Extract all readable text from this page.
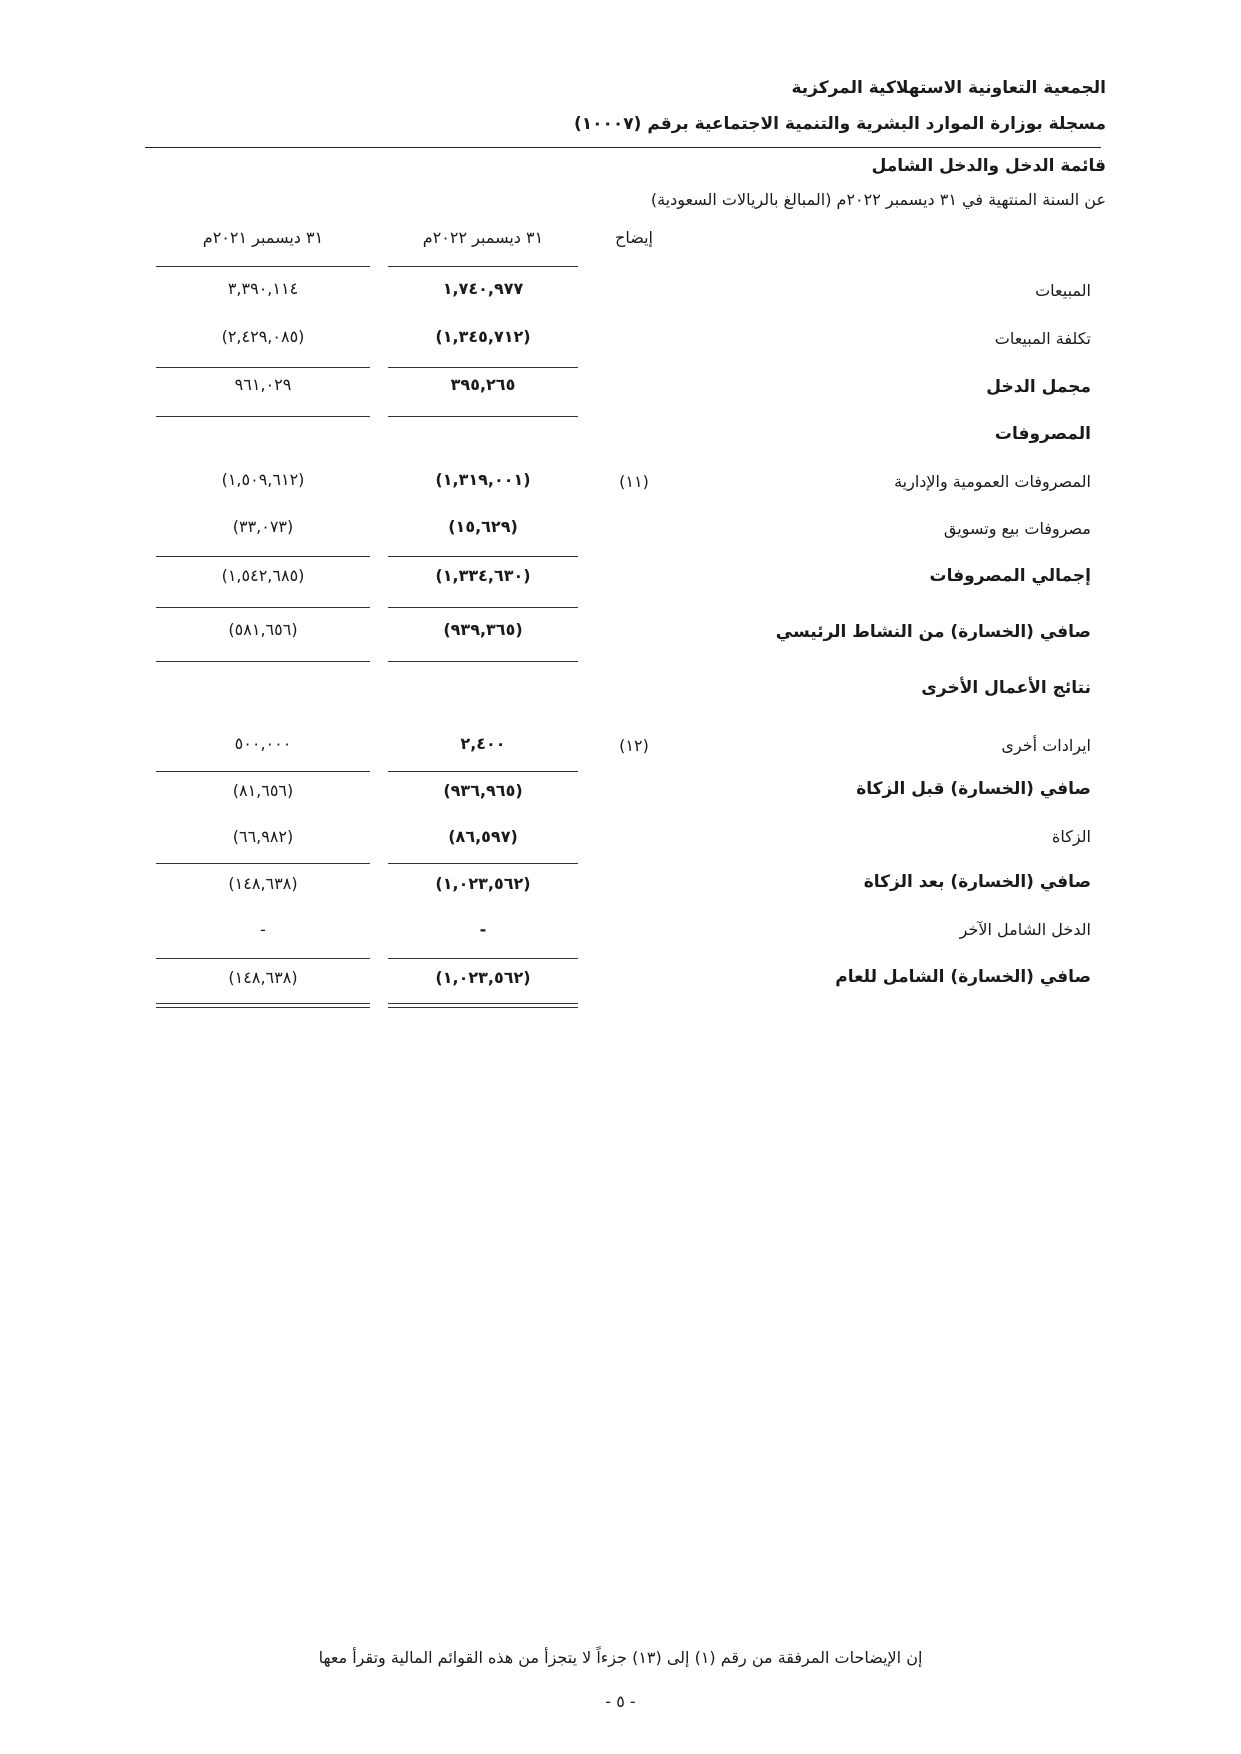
الجمعية التعاونية الاستهلاكية المركزية
مسجلة بوزارة الموارد البشرية والتنمية الاجتماعية برقم (١٠٠٠٧)
قائمة الدخل والدخل الشامل
عن السنة المنتهية في ٣١ ديسمبر ٢٠٢٢م (المبالغ بالريالات السعودية)
إيضاح
٣١ ديسمبر ٢٠٢٢م
٣١ ديسمبر ٢٠٢١م
المبيعات
١,٧٤٠,٩٧٧
٣,٣٩٠,١١٤
تكلفة المبيعات
(١,٣٤٥,٧١٢)
(٢,٤٢٩,٠٨٥)
مجمل الدخل
٣٩٥,٢٦٥
٩٦١,٠٢٩
المصروفات
المصروفات العمومية والإدارية
(١١)
(١,٣١٩,٠٠١)
(١,٥٠٩,٦١٢)
مصروفات بيع وتسويق
(١٥,٦٢٩)
(٣٣,٠٧٣)
إجمالي المصروفات
(١,٣٣٤,٦٣٠)
(١,٥٤٢,٦٨٥)
صافي (الخسارة) من النشاط الرئيسي
(٩٣٩,٣٦٥)
(٥٨١,٦٥٦)
نتائج الأعمال الأخرى
ايرادات أخرى
(١٢)
٢,٤٠٠
٥٠٠,٠٠٠
صافي (الخسارة) قبل الزكاة
(٩٣٦,٩٦٥)
(٨١,٦٥٦)
الزكاة
(٨٦,٥٩٧)
(٦٦,٩٨٢)
صافي (الخسارة) بعد الزكاة
(١,٠٢٣,٥٦٢)
(١٤٨,٦٣٨)
الدخل الشامل الآخر
-
-
صافي (الخسارة) الشامل للعام
(١,٠٢٣,٥٦٢)
(١٤٨,٦٣٨)
إن الإيضاحات المرفقة من رقم (١) إلى (١٣) جزءاً لا يتجزأ من هذه القوائم المالية وتقرأ معها
- ٥ -
